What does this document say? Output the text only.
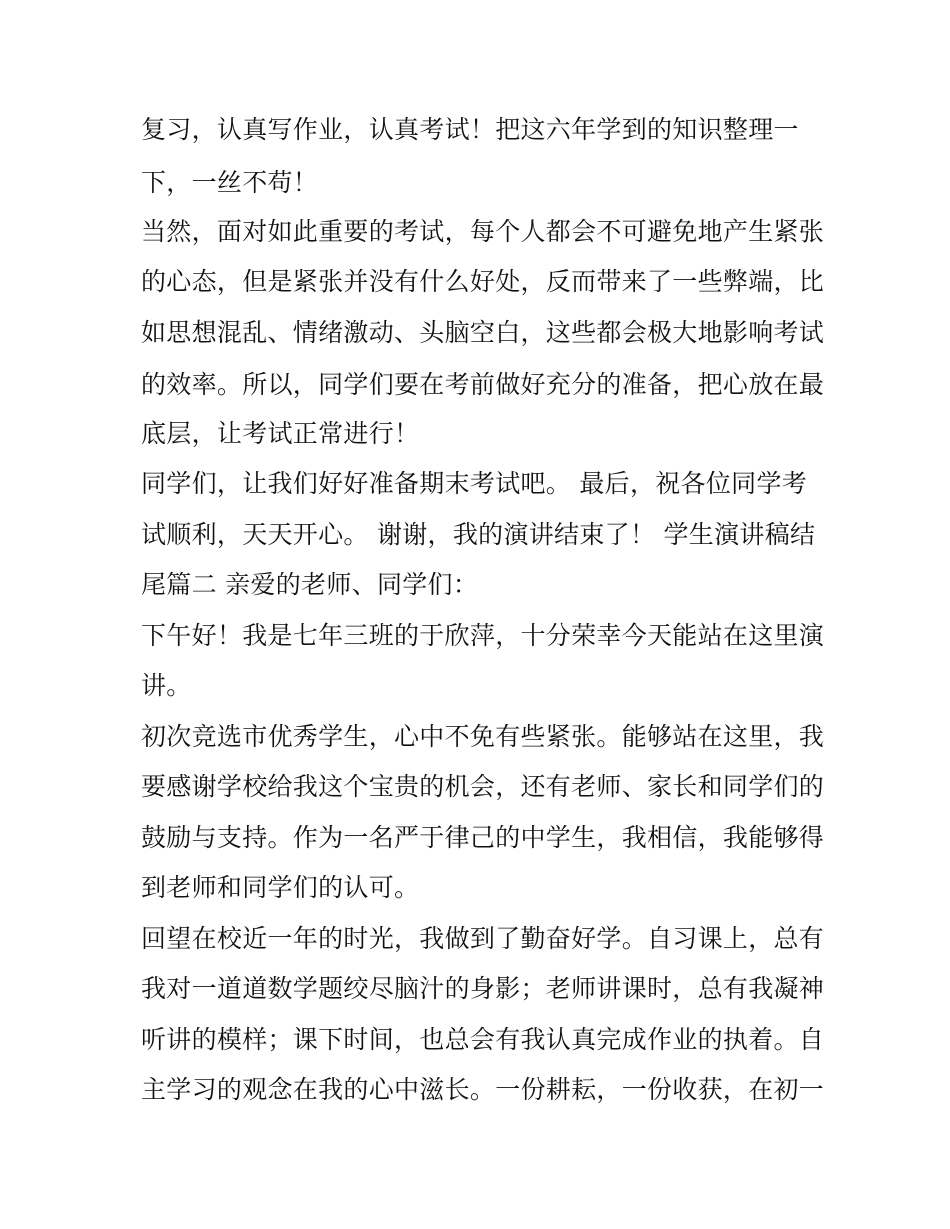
复习，认真写作业，认真考试！把这六年学到的知识整理一
下，一丝不苟！
当然，面对如此重要的考试，每个人都会不可避免地产生紧张
的心态，但是紧张并没有什么好处，反而带来了一些弊端，比
如思想混乱、情绪激动、头脑空白，这些都会极大地影响考试
的效率。所以，同学们要在考前做好充分的准备，把心放在最
底层，让考试正常进行！
同学们，让我们好好准备期末考试吧。 最后，祝各位同学考
试顺利，天天开心。 谢谢，我的演讲结束了！ 学生演讲稿结
尾篇二 亲爱的老师、同学们：
下午好！我是七年三班的于欣萍，十分荣幸今天能站在这里演
讲。
初次竞选市优秀学生，心中不免有些紧张。能够站在这里，我
要感谢学校给我这个宝贵的机会，还有老师、家长和同学们的
鼓励与支持。作为一名严于律己的中学生，我相信，我能够得
到老师和同学们的认可。
回望在校近一年的时光，我做到了勤奋好学。自习课上，总有
我对一道道数学题绞尽脑汁的身影；老师讲课时，总有我凝神
听讲的模样；课下时间，也总会有我认真完成作业的执着。自
主学习的观念在我的心中滋长。一份耕耘，一份收获，在初一
